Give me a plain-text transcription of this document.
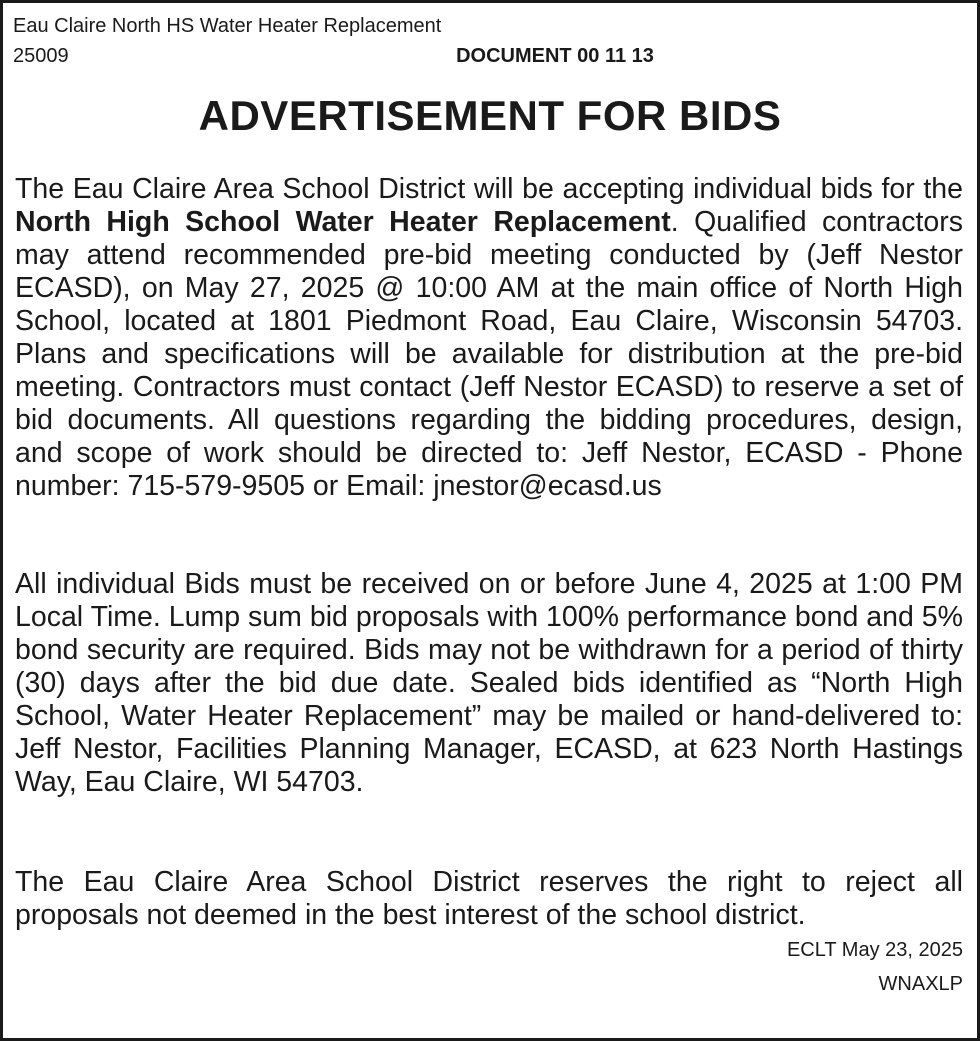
Eau Claire North HS Water Heater Replacement
25009	DOCUMENT 00 11 13
ADVERTISEMENT FOR BIDS
The Eau Claire Area School District will be accepting individual bids for the North High School Water Heater Replacement. Qualified contractors may attend recommended pre-bid meeting conducted by (Jeff Nestor ECASD), on May 27, 2025 @ 10:00 AM at the main office of North High School, located at 1801 Piedmont Road, Eau Claire, Wisconsin 54703. Plans and specifications will be available for distribution at the pre-bid meeting. Contractors must contact (Jeff Nestor ECASD) to reserve a set of bid documents. All questions regarding the bidding procedures, design, and scope of work should be directed to: Jeff Nestor, ECASD - Phone number: 715-579-9505 or Email: jnestor@ecasd.us
All individual Bids must be received on or before June 4, 2025 at 1:00 PM Local Time. Lump sum bid proposals with 100% performance bond and 5% bond security are required. Bids may not be withdrawn for a period of thirty (30) days after the bid due date. Sealed bids identified as “North High School, Water Heater Replacement” may be mailed or hand-delivered to: Jeff Nestor, Facilities Planning Manager, ECASD, at 623 North Hastings Way, Eau Claire, WI 54703.
The Eau Claire Area School District reserves the right to reject all proposals not deemed in the best interest of the school district.
ECLT May 23, 2025
WNAXLP
